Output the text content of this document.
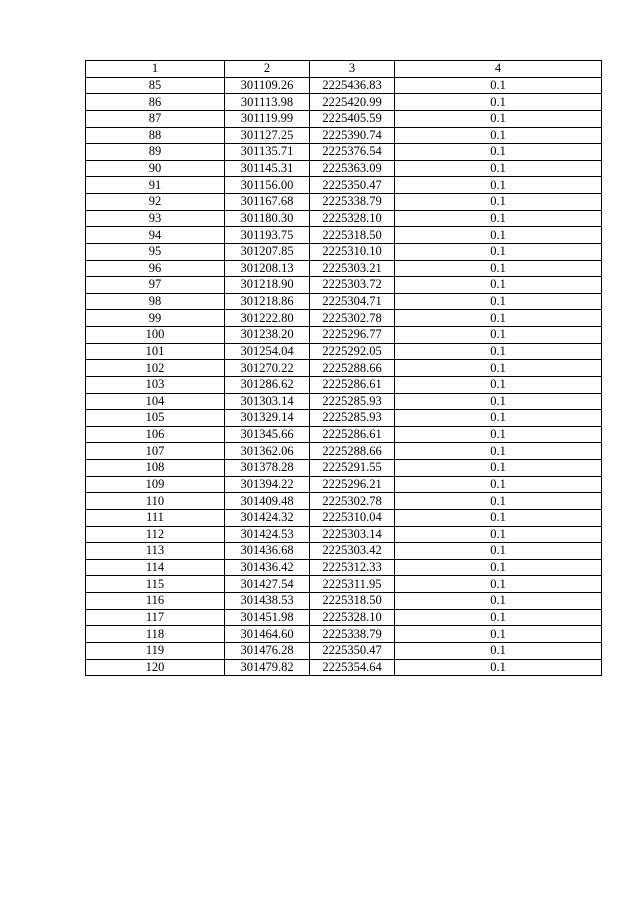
1	2	3	4
85	301109.26	2225436.83	0.1
86	301113.98	2225420.99	0.1
87	301119.99	2225405.59	0.1
88	301127.25	2225390.74	0.1
89	301135.71	2225376.54	0.1
90	301145.31	2225363.09	0.1
91	301156.00	2225350.47	0.1
92	301167.68	2225338.79	0.1
93	301180.30	2225328.10	0.1
94	301193.75	2225318.50	0.1
95	301207.85	2225310.10	0.1
96	301208.13	2225303.21	0.1
97	301218.90	2225303.72	0.1
98	301218.86	2225304.71	0.1
99	301222.80	2225302.78	0.1
100	301238.20	2225296.77	0.1
101	301254.04	2225292.05	0.1
102	301270.22	2225288.66	0.1
103	301286.62	2225286.61	0.1
104	301303.14	2225285.93	0.1
105	301329.14	2225285.93	0.1
106	301345.66	2225286.61	0.1
107	301362.06	2225288.66	0.1
108	301378.28	2225291.55	0.1
109	301394.22	2225296.21	0.1
110	301409.48	2225302.78	0.1
111	301424.32	2225310.04	0.1
112	301424.53	2225303.14	0.1
113	301436.68	2225303.42	0.1
114	301436.42	2225312.33	0.1
115	301427.54	2225311.95	0.1
116	301438.53	2225318.50	0.1
117	301451.98	2225328.10	0.1
118	301464.60	2225338.79	0.1
119	301476.28	2225350.47	0.1
120	301479.82	2225354.64	0.1
